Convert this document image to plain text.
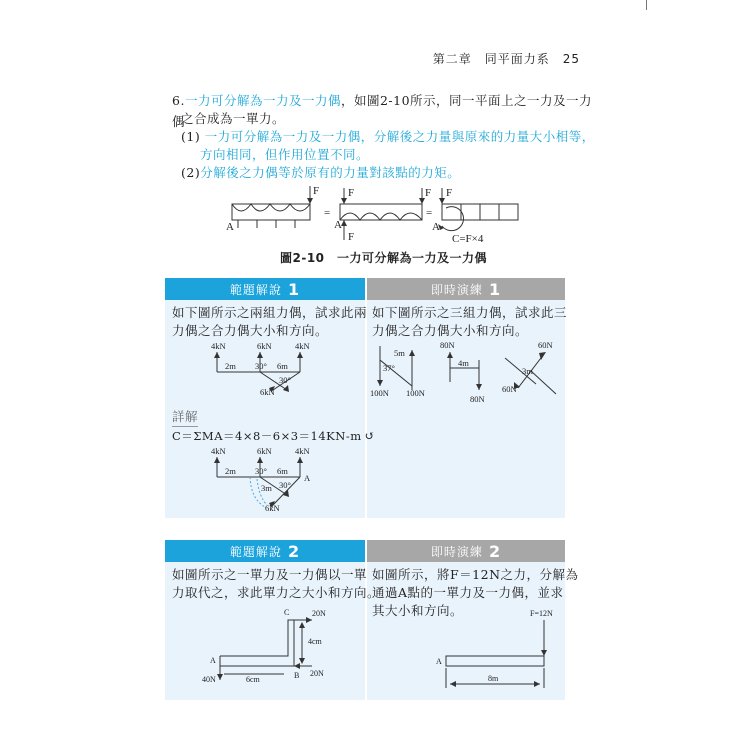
第二章　同平面力系　25
6.一力可分解為一力及一力偶，如圖2-10所示，同一平面上之一力及一力偶
之合成為一單力。
(1) 一力可分解為一力及一力偶，分解後之力量與原來的力量大小相等，
方向相同，但作用位置不同。
(2)分解後之力偶等於原有的力量對該點的力矩。
F
A
=
F	F
F
A
=
F
A
C=F×4
圖2-10　一力可分解為一力及一力偶
範題解說 1	即時演練 1
如下圖所示之兩組力偶，試求此兩
力偶之合力偶大小和方向。
如下圖所示之三組力偶，試求此三
力偶之合力偶大小和方向。
4kN	6kN	4kN
2m 30° 6m
30°
6kN
詳解
C＝ΣMA＝4×8－6×3＝14KN-m ↺
4kN	6kN	4kN
2m 30° 6m
3m 30°
A
6kN
5m
37°
100N 100N
80N
4m
80N
60N
3m
60N
範題解說 2	即時演練 2
如圖所示之一單力及一力偶以一單
力取代之，求此單力之大小和方向。
如圖所示，將F＝12N之力，分解為
通過A點的一單力及一力偶，並求
其大小和方向。
C	20N
4cm
A
40N	6cm	B 20N
F=12N
A
8m
